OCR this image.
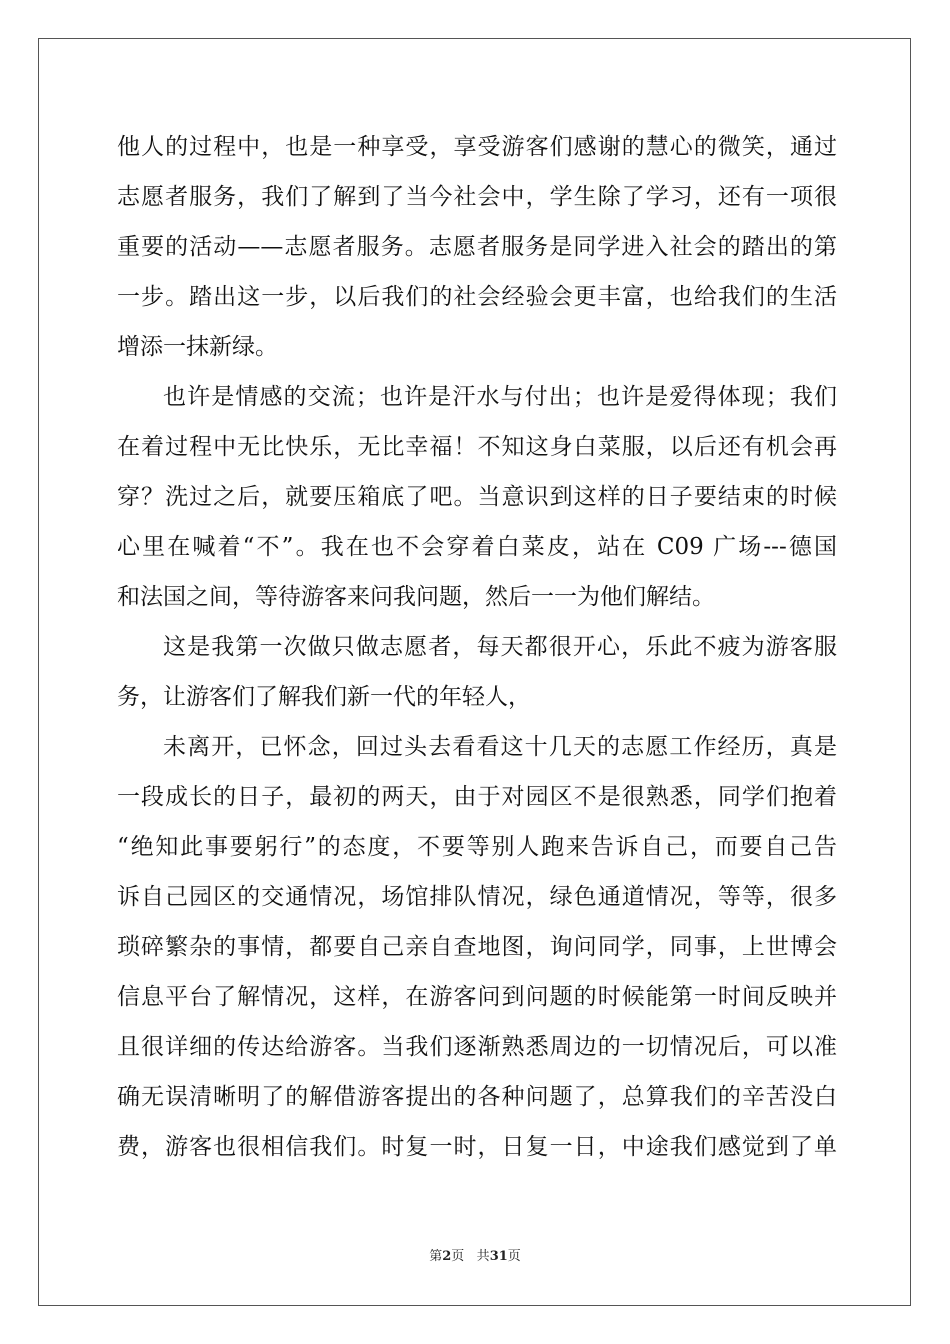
他人的过程中，也是一种享受，享受游客们感谢的慧心的微笑，通过
志愿者服务，我们了解到了当今社会中，学生除了学习，还有一项很
重要的活动——志愿者服务。志愿者服务是同学进入社会的踏出的第
一步。踏出这一步，以后我们的社会经验会更丰富，也给我们的生活
增添一抹新绿。
也许是情感的交流；也许是汗水与付出；也许是爱得体现；我们
在着过程中无比快乐，无比幸福！不知这身白菜服，以后还有机会再
穿？洗过之后，就要压箱底了吧。当意识到这样的日子要结束的时候
心里在喊着“不”。我在也不会穿着白菜皮，站在 C09 广场---德国
和法国之间，等待游客来问我问题，然后一一为他们解结。
这是我第一次做只做志愿者，每天都很开心，乐此不疲为游客服
务，让游客们了解我们新一代的年轻人，
未离开，已怀念，回过头去看看这十几天的志愿工作经历，真是
一段成长的日子，最初的两天，由于对园区不是很熟悉，同学们抱着
“绝知此事要躬行”的态度，不要等别人跑来告诉自己，而要自己告
诉自己园区的交通情况，场馆排队情况，绿色通道情况，等等，很多
琐碎繁杂的事情，都要自己亲自查地图，询问同学，同事，上世博会
信息平台了解情况，这样，在游客问到问题的时候能第一时间反映并
且很详细的传达给游客。当我们逐渐熟悉周边的一切情况后，可以准
确无误清晰明了的解借游客提出的各种问题了，总算我们的辛苦没白
费，游客也很相信我们。时复一时，日复一日，中途我们感觉到了单
第2页 共31页
